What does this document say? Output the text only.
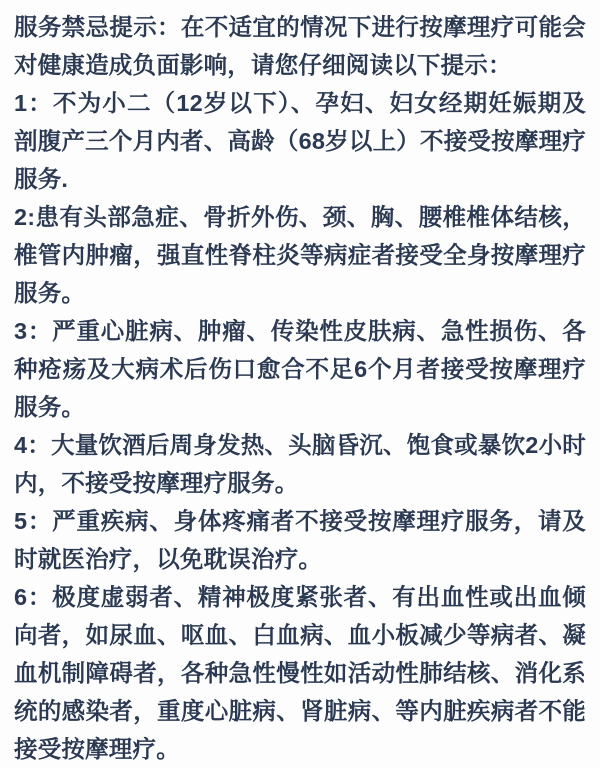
服务禁忌提示：在不适宜的情况下进行按摩理疗可能会对健康造成负面影响，请您仔细阅读以下提示：

1：不为小二（12岁以下）、孕妇、妇女经期妊娠期及剖腹产三个月内者、高龄（68岁以上）不接受按摩理疗服务.

2:患有头部急症、骨折外伤、颈、胸、腰椎椎体结核，椎管内肿瘤，强直性脊柱炎等病症者接受全身按摩理疗服务。

3：严重心脏病、肿瘤、传染性皮肤病、急性损伤、各种疮疡及大病术后伤口愈合不足6个月者接受按摩理疗服务。

4：大量饮酒后周身发热、头脑昏沉、饱食或暴饮2小时内，不接受按摩理疗服务。

5：严重疾病、身体疼痛者不接受按摩理疗服务，请及时就医治疗，以免耽误治疗。

6：极度虚弱者、精神极度紧张者、有出血性或出血倾向者，如尿血、呕血、白血病、血小板减少等病者、凝血机制障碍者，各种急性慢性如活动性肺结核、消化系统的感染者，重度心脏病、肾脏病、等内脏疾病者不能接受按摩理疗。
